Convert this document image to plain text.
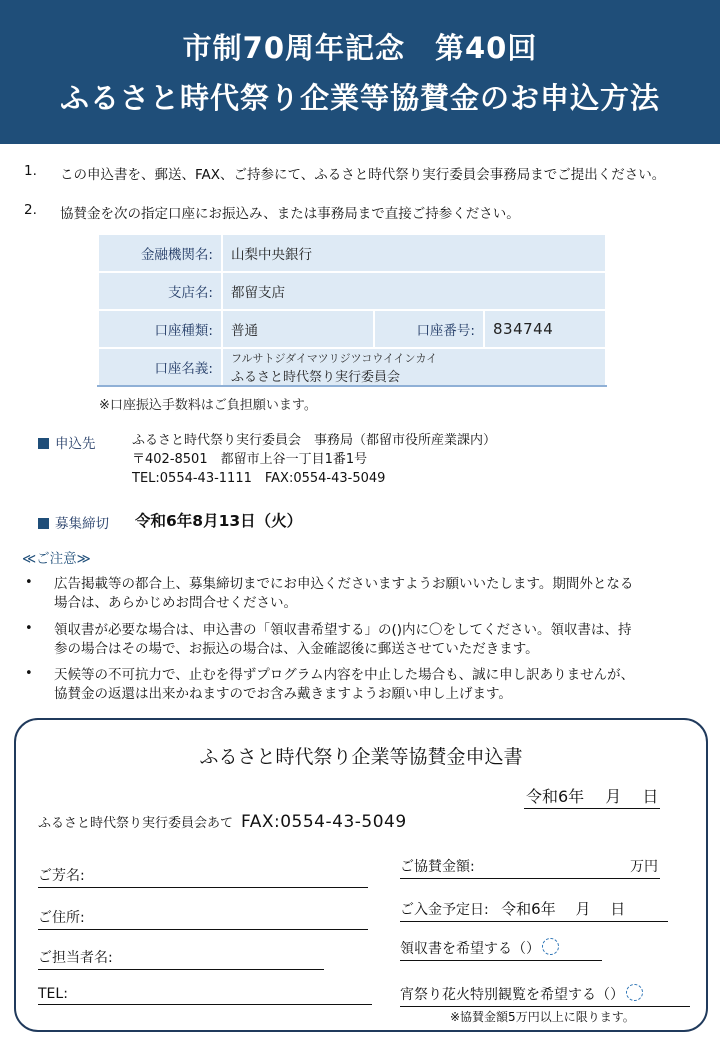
市制70周年記念　第40回
ふるさと時代祭り企業等協賛金のお申込方法
1. この申込書を、郵送、FAX、ご持参にて、ふるさと時代祭り実行委員会事務局までご提出ください。
2. 協賛金を次の指定口座にお振込み、または事務局まで直接ご持参ください。
金融機関名:	山梨中央銀行		
支店名:	都留支店		
口座種類:	普通	口座番号:	834744
口座名義:	フルサトジダイマツリジツコウイインカイ
ふるさと時代祭り実行委員会		
※口座振込手数料はご負担願います。
申込先	ふるさと時代祭り実行委員会　事務局（都留市役所産業課内）
〒402-8501　都留市上谷一丁目1番1号
TEL:0554-43-1111　FAX:0554-43-5049
募集締切 令和6年8月13日（火）
≪ご注意≫
• 広告掲載等の都合上、募集締切までにお申込くださいますようお願いいたします。期間外となる
場合は、あらかじめお問合せください。
• 領収書が必要な場合は、申込書の「領収書希望する」の()内に〇をしてください。領収書は、持
参の場合はその場で、お振込の場合は、入金確認後に郵送させていただきます。
• 天候等の不可抗力で、止むを得ずプログラム内容を中止した場合も、誠に申し訳ありませんが、
協賛金の返還は出来かねますのでお含み戴きますようお願い申し上げます。
ふるさと時代祭り企業等協賛金申込書
令和6年　 月　 日
ふるさと時代祭り実行委員会あて FAX:0554-43-5049
ご芳名:
ご住所:
ご担当者名:
TEL:
ご協賛金額:	万円
ご入金予定日: 令和6年　 月　 日
領収書を希望する（
）
宵祭り花火特別観覧を希望する（
）
※協賛金額5万円以上に限ります。
